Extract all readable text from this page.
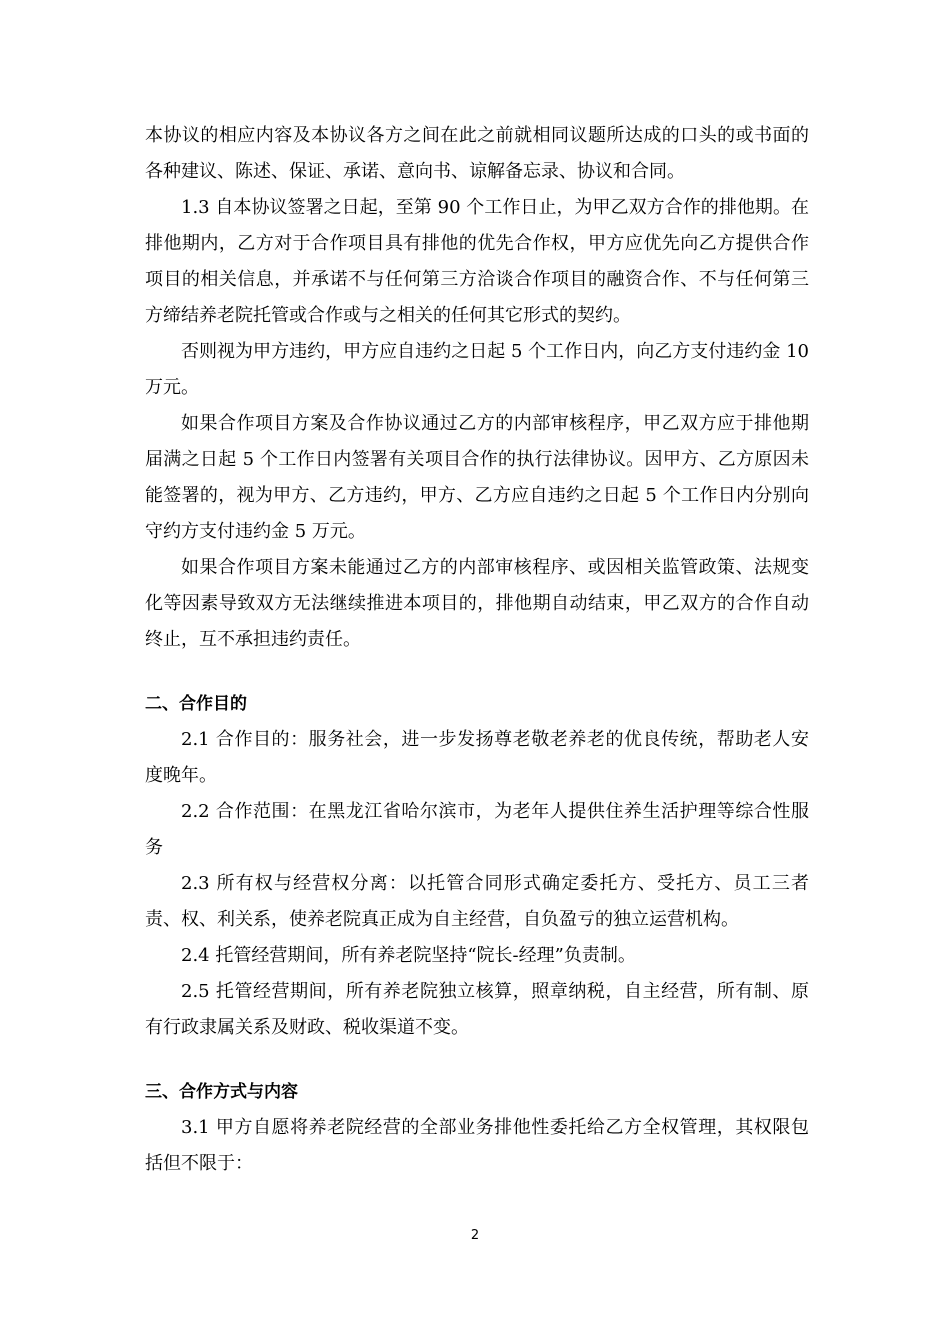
本协议的相应内容及本协议各方之间在此之前就相同议题所达成的口头的或书面的各种建议、陈述、保证、承诺、意向书、谅解备忘录、协议和合同。

1.3 自本协议签署之日起，至第 90 个工作日止，为甲乙双方合作的排他期。在排他期内，乙方对于合作项目具有排他的优先合作权，甲方应优先向乙方提供合作项目的相关信息，并承诺不与任何第三方洽谈合作项目的融资合作、不与任何第三方缔结养老院托管或合作或与之相关的任何其它形式的契约。

否则视为甲方违约，甲方应自违约之日起 5 个工作日内，向乙方支付违约金 10 万元。

如果合作项目方案及合作协议通过乙方的内部审核程序，甲乙双方应于排他期届满之日起 5 个工作日内签署有关项目合作的执行法律协议。因甲方、乙方原因未能签署的，视为甲方、乙方违约，甲方、乙方应自违约之日起 5 个工作日内分别向守约方支付违约金 5 万元。

如果合作项目方案未能通过乙方的内部审核程序、或因相关监管政策、法规变化等因素导致双方无法继续推进本项目的，排他期自动结束，甲乙双方的合作自动终止，互不承担违约责任。

二、合作目的

2.1 合作目的：服务社会，进一步发扬尊老敬老养老的优良传统，帮助老人安度晚年。

2.2 合作范围：在黑龙江省哈尔滨市，为老年人提供住养生活护理等综合性服务

2.3 所有权与经营权分离：以托管合同形式确定委托方、受托方、员工三者责、权、利关系，使养老院真正成为自主经营，自负盈亏的独立运营机构。

2.4 托管经营期间，所有养老院坚持“院长-经理”负责制。

2.5 托管经营期间，所有养老院独立核算，照章纳税，自主经营，所有制、原有行政隶属关系及财政、税收渠道不变。

三、合作方式与内容

3.1 甲方自愿将养老院经营的全部业务排他性委托给乙方全权管理，其权限包括但不限于：

2
